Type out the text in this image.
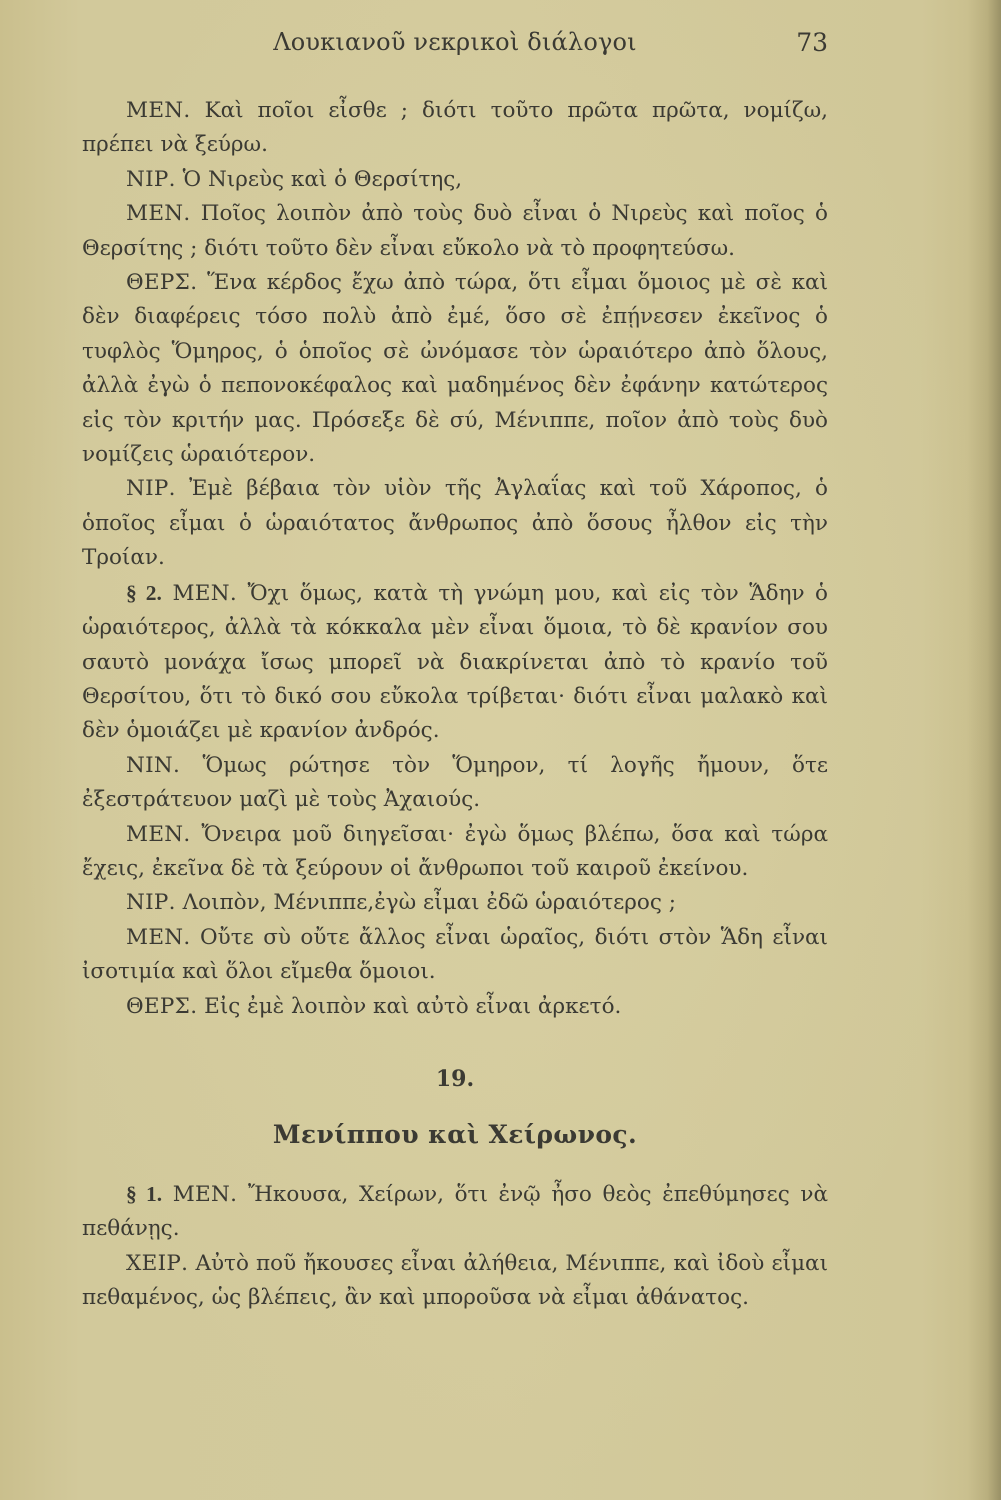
Λουκιανοῦ νεκρικοὶ διάλογοι	73

ΜΕΝ. Καὶ ποῖοι εἶσθε ; διότι τοῦτο πρῶτα πρῶτα, νομίζω, πρέπει νὰ ξεύρω.

ΝΙΡ. Ὁ Νιρεὺς καὶ ὁ Θερσίτης,

ΜΕΝ. Ποῖος λοιπὸν ἀπὸ τοὺς δυὸ εἶναι ὁ Νιρεὺς καὶ ποῖος ὁ Θερσίτης ; διότι τοῦτο δὲν εἶναι εὔκολο νὰ τὸ προφητεύσω.

ΘΕΡΣ. Ἕνα κέρδος ἔχω ἀπὸ τώρα, ὅτι εἶμαι ὅμοιος μὲ σὲ καὶ δὲν διαφέρεις τόσο πολὺ ἀπὸ ἐμέ, ὅσο σὲ ἐπῄνεσεν ἐκεῖνος ὁ τυφλὸς Ὅμηρος, ὁ ὁποῖος σὲ ὠνόμασε τὸν ὡραιότερο ἀπὸ ὅλους, ἀλλὰ ἐγὼ ὁ πεπονοκέφαλος καὶ μαδημένος δὲν ἐφάνην κατώτερος εἰς τὸν κριτήν μας. Πρόσεξε δὲ σύ, Μένιππε, ποῖον ἀπὸ τοὺς δυὸ νομίζεις ὡραιότερον.

ΝΙΡ. Ἐμὲ βέβαια τὸν υἱὸν τῆς Ἀγλαΐας καὶ τοῦ Χάροπος, ὁ ὁποῖος εἶμαι ὁ ὡραιότατος ἄνθρωπος ἀπὸ ὅσους ἦλθον εἰς τὴν Τροίαν.

§ 2. ΜΕΝ. Ὄχι ὅμως, κατὰ τὴ γνώμη μου, καὶ εἰς τὸν Ἅδην ὁ ὡραιότερος, ἀλλὰ τὰ κόκκαλα μὲν εἶναι ὅμοια, τὸ δὲ κρανίον σου σαυτὸ μονάχα ἴσως μπορεῖ νὰ διακρίνεται ἀπὸ τὸ κρανίο τοῦ Θερσίτου, ὅτι τὸ δικό σου εὔκολα τρίβεται· διότι εἶναι μαλακὸ καὶ δὲν ὁμοιάζει μὲ κρανίον ἀνδρός.

ΝΙΝ. Ὅμως ρώτησε τὸν Ὅμηρον, τί λογῆς ἤμουν, ὅτε ἐξεστράτευον μαζὶ μὲ τοὺς Ἀχαιούς.

ΜΕΝ. Ὄνειρα μοῦ διηγεῖσαι· ἐγὼ ὅμως βλέπω, ὅσα καὶ τώρα ἔχεις, ἐκεῖνα δὲ τὰ ξεύρουν οἱ ἄνθρωποι τοῦ καιροῦ ἐκείνου.

ΝΙΡ. Λοιπὸν, Μένιππε,ἐγὼ εἶμαι ἐδῶ ὡραιότερος ;

ΜΕΝ. Οὔτε σὺ οὔτε ἄλλος εἶναι ὡραῖος, διότι στὸν Ἅδη εἶναι ἰσοτιμία καὶ ὅλοι εἴμεθα ὅμοιοι.

ΘΕΡΣ. Εἰς ἐμὲ λοιπὸν καὶ αὐτὸ εἶναι ἀρκετό.

19.
Μενίππου καὶ Χείρωνος.

§ 1. ΜΕΝ. Ἤκουσα, Χείρων, ὅτι ἐνῷ ἦσο θεὸς ἐπεθύμησες νὰ πεθάνῃς.

ΧΕΙΡ. Αὐτὸ ποῦ ἤκουσες εἶναι ἀλήθεια, Μένιππε, καὶ ἰδοὺ εἶμαι πεθαμένος, ὡς βλέπεις, ἂν καὶ μποροῦσα νὰ εἶμαι ἀθάνατος.
